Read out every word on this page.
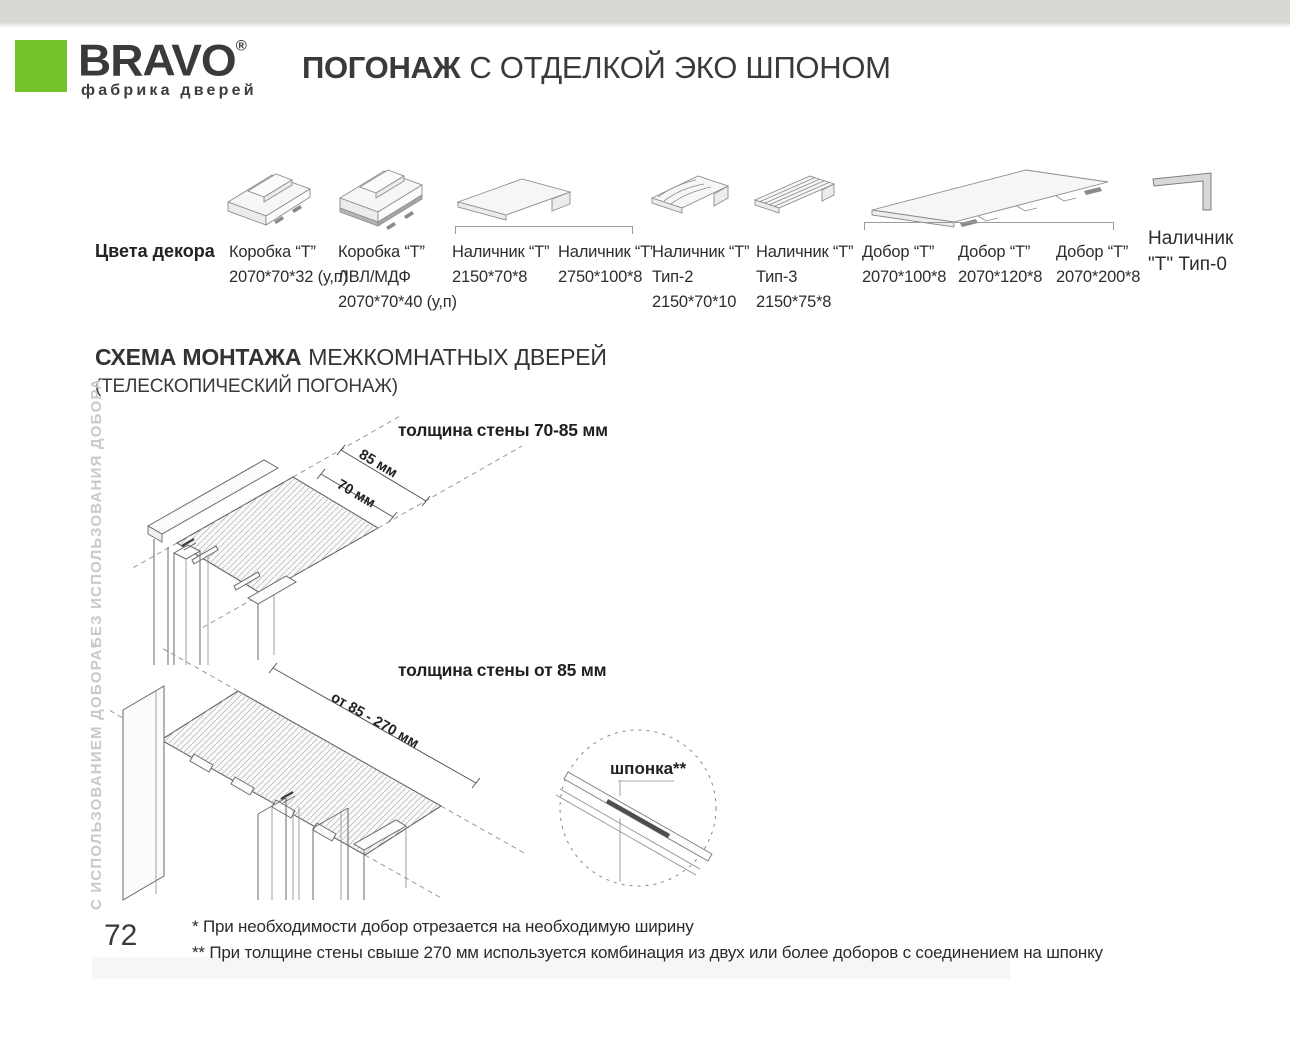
BRAVO®
фабрика дверей
ПОГОНАЖ С ОТДЕЛКОЙ ЭКО ШПОНОМ
Цвета декора Коробка “Т”
2070*70*32 (у,п)
Коробка “Т”
ЛВЛ/МДФ
2070*70*40 (у,п)
Наличник “Т”
2150*70*8
Наличник “Т”
2750*100*8
Наличник “Т”
Тип-2
2150*70*10
Наличник “Т”
Тип-3
2150*75*8
Добор “Т”
2070*100*8
Добор “Т”
2070*120*8
Добор “Т”
2070*200*8
Наличник
"Т" Тип-0
СХЕМА МОНТАЖА МЕЖКОМНАТНЫХ ДВЕРЕЙ
(ТЕЛЕСКОПИЧЕСКИЙ ПОГОНАЖ)
БЕЗ ИСПОЛЬЗОВАНИЯ ДОБОРА
С ИСПОЛЬЗОВАНИЕМ ДОБОРА*
85 мм
70 мм
толщина стены 70-85 мм
от 85 - 270 мм
шпонка**
толщина стены от 85 мм
* При необходимости добор отрезается на необходимую ширину
** При толщине стены свыше 270 мм используется комбинация из двух или более доборов с соединением на шпонку
72
